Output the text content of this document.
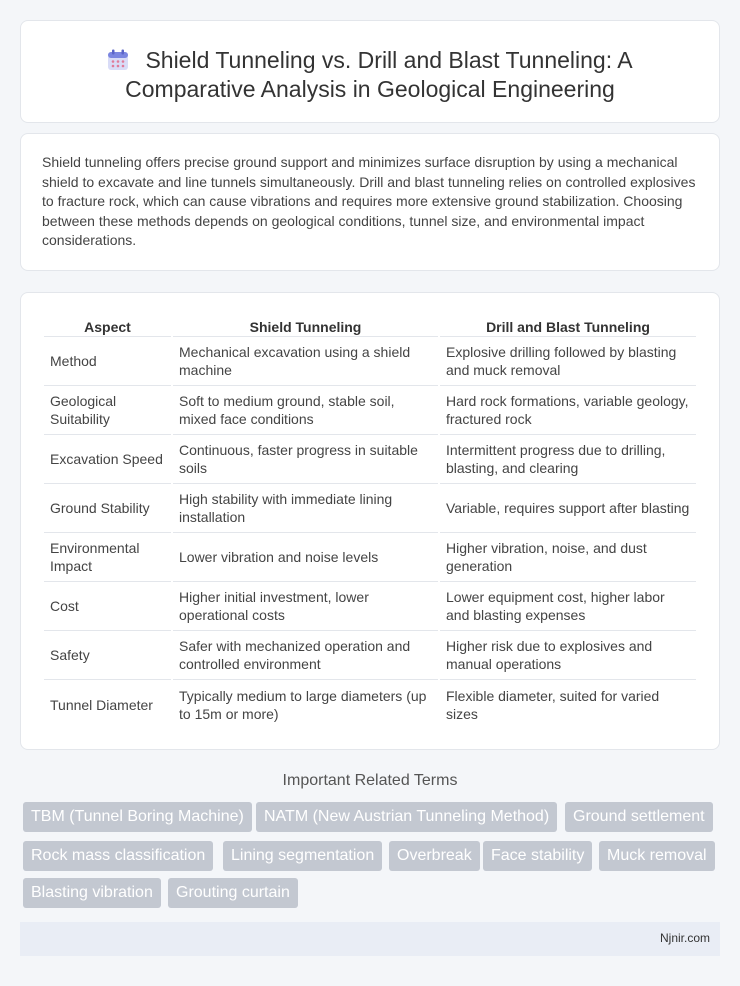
Shield Tunneling vs. Drill and Blast Tunneling: A Comparative Analysis in Geological Engineering

Shield tunneling offers precise ground support and minimizes surface disruption by using a mechanical shield to excavate and line tunnels simultaneously. Drill and blast tunneling relies on controlled explosives to fracture rock, which can cause vibrations and requires more extensive ground stabilization. Choosing between these methods depends on geological conditions, tunnel size, and environmental impact considerations.

Aspect	Shield Tunneling	Drill and Blast Tunneling
Method	Mechanical excavation using a shield machine	Explosive drilling followed by blasting and muck removal
Geological Suitability	Soft to medium ground, stable soil, mixed face conditions	Hard rock formations, variable geology, fractured rock
Excavation Speed	Continuous, faster progress in suitable soils	Intermittent progress due to drilling, blasting, and clearing
Ground Stability	High stability with immediate lining installation	Variable, requires support after blasting
Environmental Impact	Lower vibration and noise levels	Higher vibration, noise, and dust generation
Cost	Higher initial investment, lower operational costs	Lower equipment cost, higher labor and blasting expenses
Safety	Safer with mechanized operation and controlled environment	Higher risk due to explosives and manual operations
Tunnel Diameter	Typically medium to large diameters (up to 15m or more)	Flexible diameter, suited for varied sizes
Important Related Terms
TBM (Tunnel Boring Machine)	NATM (New Austrian Tunneling Method)	Ground settlement
Rock mass classification	Lining segmentation	Overbreak	Face stability	Muck removal
Blasting vibration	Grouting curtain
Njnir.com
